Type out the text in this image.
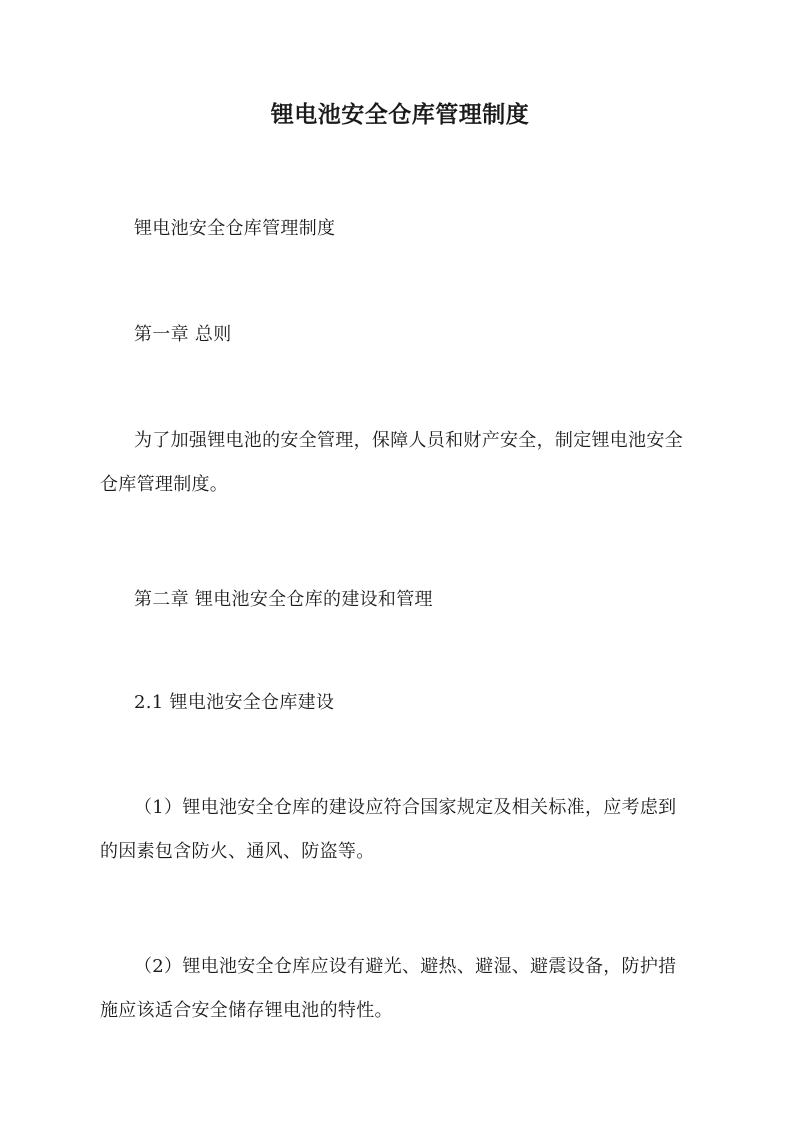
锂电池安全仓库管理制度
锂电池安全仓库管理制度
第一章 总则
为了加强锂电池的安全管理，保障人员和财产安全，制定锂电池安全
仓库管理制度。
第二章 锂电池安全仓库的建设和管理
2.1 锂电池安全仓库建设
（1）锂电池安全仓库的建设应符合国家规定及相关标准，应考虑到
的因素包含防火、通风、防盗等。
（2）锂电池安全仓库应设有避光、避热、避湿、避震设备，防护措
施应该适合安全储存锂电池的特性。
